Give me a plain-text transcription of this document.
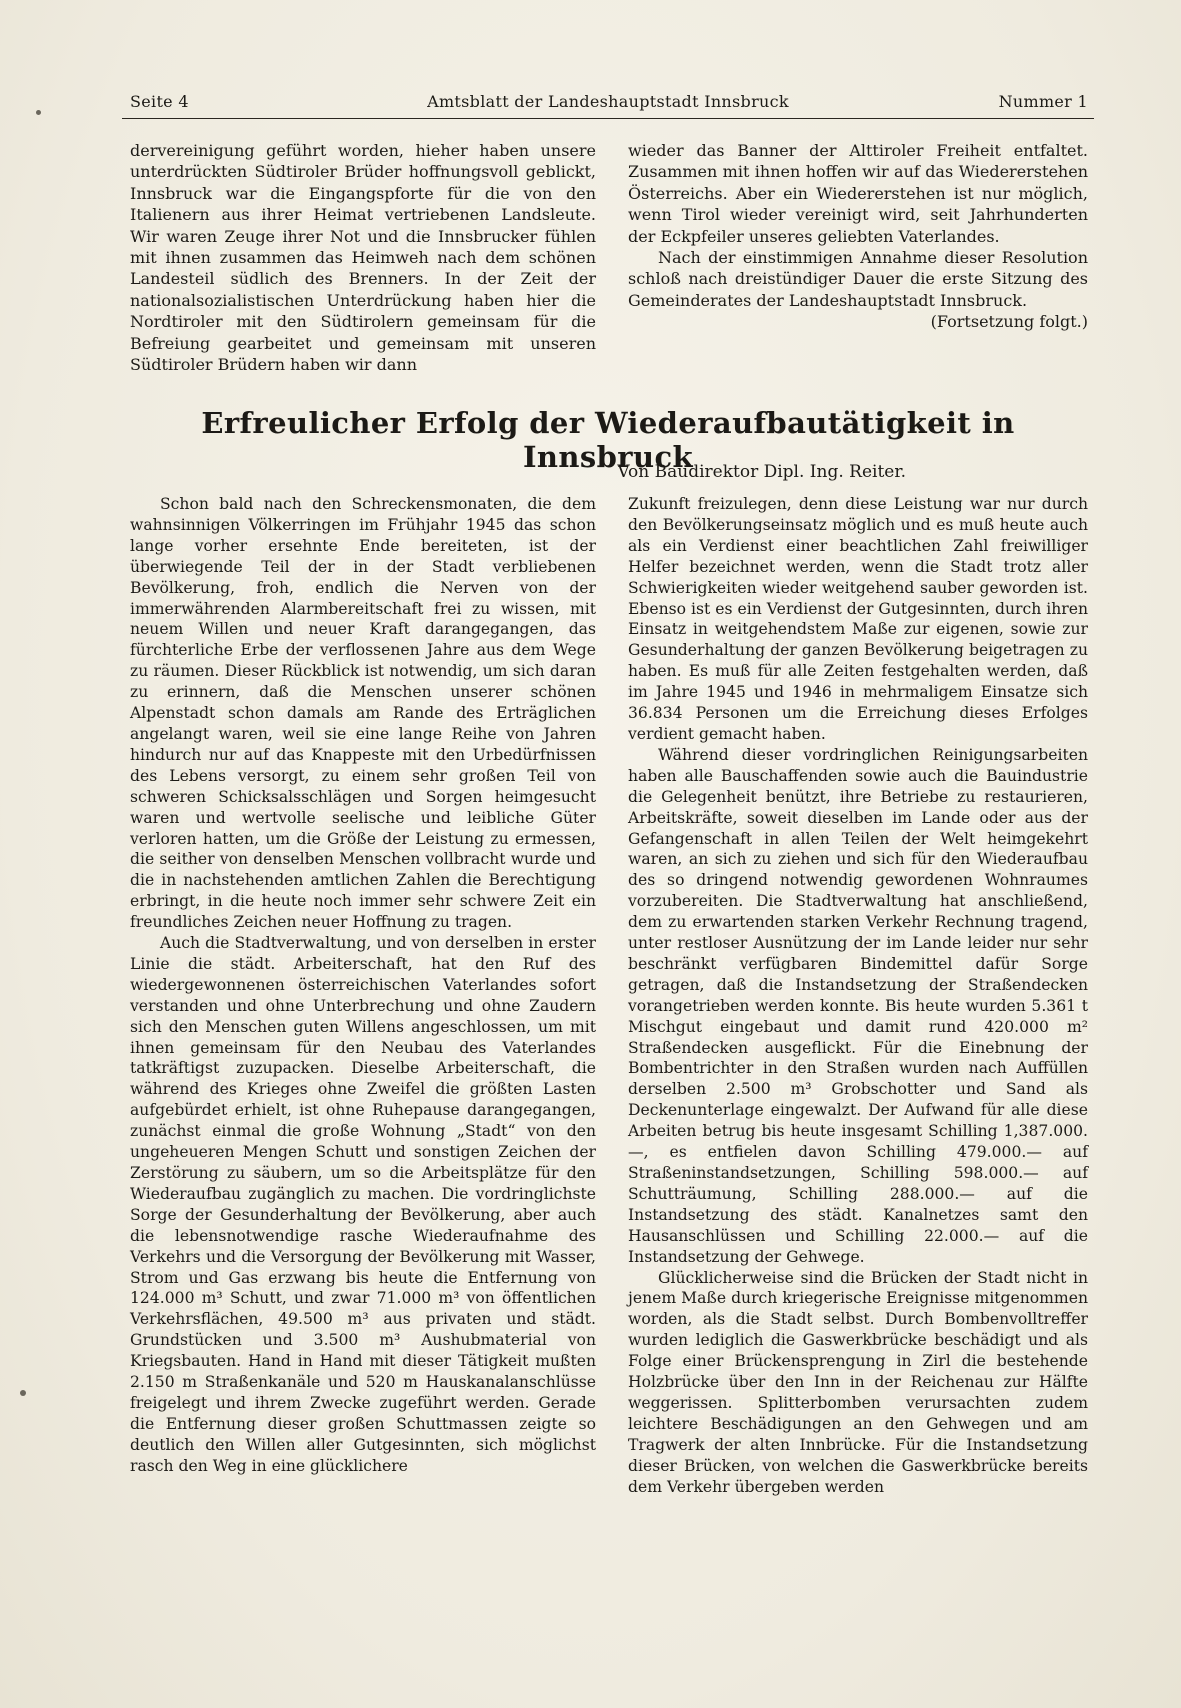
Seite 4	Amtsblatt der Landeshauptstadt Innsbruck	Nummer 1

dervereinigung geführt worden, hieher haben unsere unterdrückten Südtiroler Brüder hoffnungsvoll geblickt, Innsbruck war die Eingangspforte für die von den Italienern aus ihrer Heimat vertriebenen Landsleute. Wir waren Zeuge ihrer Not und die Innsbrucker fühlen mit ihnen zusammen das Heimweh nach dem schönen Landesteil südlich des Brenners. In der Zeit der nationalsozialistischen Unterdrückung haben hier die Nordtiroler mit den Südtirolern gemeinsam für die Befreiung gearbeitet und gemeinsam mit unseren Südtiroler Brüdern haben wir dann

wieder das Banner der Alttiroler Freiheit entfaltet. Zusammen mit ihnen hoffen wir auf das Wiedererstehen Österreichs. Aber ein Wiedererstehen ist nur möglich, wenn Tirol wieder vereinigt wird, seit Jahrhunderten der Eckpfeiler unseres geliebten Vaterlandes.

Nach der einstimmigen Annahme dieser Resolution schloß nach dreistündiger Dauer die erste Sitzung des Gemeinderates der Landeshauptstadt Innsbruck.

(Fortsetzung folgt.)

Erfreulicher Erfolg der Wiederaufbautätigkeit in Innsbruck
Von Baudirektor Dipl. Ing. Reiter.

Schon bald nach den Schreckensmonaten, die dem wahnsinnigen Völkerringen im Frühjahr 1945 das schon lange vorher ersehnte Ende bereiteten, ist der überwiegende Teil der in der Stadt verbliebenen Bevölkerung, froh, endlich die Nerven von der immerwährenden Alarmbereitschaft frei zu wissen, mit neuem Willen und neuer Kraft darangegangen, das fürchterliche Erbe der verflossenen Jahre aus dem Wege zu räumen. Dieser Rückblick ist notwendig, um sich daran zu erinnern, daß die Menschen unserer schönen Alpenstadt schon damals am Rande des Erträglichen angelangt waren, weil sie eine lange Reihe von Jahren hindurch nur auf das Knappeste mit den Urbedürfnissen des Lebens versorgt, zu einem sehr großen Teil von schweren Schicksalsschlägen und Sorgen heimgesucht waren und wertvolle seelische und leibliche Güter verloren hatten, um die Größe der Leistung zu ermessen, die seither von denselben Menschen vollbracht wurde und die in nachstehenden amtlichen Zahlen die Berechtigung erbringt, in die heute noch immer sehr schwere Zeit ein freundliches Zeichen neuer Hoffnung zu tragen.

Auch die Stadtverwaltung, und von derselben in erster Linie die städt. Arbeiterschaft, hat den Ruf des wiedergewonnenen österreichischen Vaterlandes sofort verstanden und ohne Unterbrechung und ohne Zaudern sich den Menschen guten Willens angeschlossen, um mit ihnen gemeinsam für den Neubau des Vaterlandes tatkräftigst zuzupacken. Dieselbe Arbeiterschaft, die während des Krieges ohne Zweifel die größten Lasten aufgebürdet erhielt, ist ohne Ruhepause darangegangen, zunächst einmal die große Wohnung „Stadt“ von den ungeheueren Mengen Schutt und sonstigen Zeichen der Zerstörung zu säubern, um so die Arbeitsplätze für den Wiederaufbau zugänglich zu machen. Die vordringlichste Sorge der Gesunderhaltung der Bevölkerung, aber auch die lebensnotwendige rasche Wiederaufnahme des Verkehrs und die Versorgung der Bevölkerung mit Wasser, Strom und Gas erzwang bis heute die Entfernung von 124.000 m³ Schutt, und zwar 71.000 m³ von öffentlichen Verkehrsflächen, 49.500 m³ aus privaten und städt. Grundstücken und 3.500 m³ Aushubmaterial von Kriegsbauten. Hand in Hand mit dieser Tätigkeit mußten 2.150 m Straßenkanäle und 520 m Hauskanalanschlüsse freigelegt und ihrem Zwecke zugeführt werden. Gerade die Entfernung dieser großen Schuttmassen zeigte so deutlich den Willen aller Gutgesinnten, sich möglichst rasch den Weg in eine glücklichere

Zukunft freizulegen, denn diese Leistung war nur durch den Bevölkerungseinsatz möglich und es muß heute auch als ein Verdienst einer beachtlichen Zahl freiwilliger Helfer bezeichnet werden, wenn die Stadt trotz aller Schwierigkeiten wieder weitgehend sauber geworden ist. Ebenso ist es ein Verdienst der Gutgesinnten, durch ihren Einsatz in weitgehendstem Maße zur eigenen, sowie zur Gesunderhaltung der ganzen Bevölkerung beigetragen zu haben. Es muß für alle Zeiten festgehalten werden, daß im Jahre 1945 und 1946 in mehrmaligem Einsatze sich 36.834 Personen um die Erreichung dieses Erfolges verdient gemacht haben.

Während dieser vordringlichen Reinigungsarbeiten haben alle Bauschaffenden sowie auch die Bauindustrie die Gelegenheit benützt, ihre Betriebe zu restaurieren, Arbeitskräfte, soweit dieselben im Lande oder aus der Gefangenschaft in allen Teilen der Welt heimgekehrt waren, an sich zu ziehen und sich für den Wiederaufbau des so dringend notwendig gewordenen Wohnraumes vorzubereiten. Die Stadtverwaltung hat anschließend, dem zu erwartenden starken Verkehr Rechnung tragend, unter restloser Ausnützung der im Lande leider nur sehr beschränkt verfügbaren Bindemittel dafür Sorge getragen, daß die Instandsetzung der Straßendecken vorangetrieben werden konnte. Bis heute wurden 5.361 t Mischgut eingebaut und damit rund 420.000 m² Straßendecken ausgeflickt. Für die Einebnung der Bombentrichter in den Straßen wurden nach Auffüllen derselben 2.500 m³ Grobschotter und Sand als Deckenunterlage eingewalzt. Der Aufwand für alle diese Arbeiten betrug bis heute insgesamt Schilling 1,387.000.—, es entfielen davon Schilling 479.000.— auf Straßeninstandsetzungen, Schilling 598.000.— auf Schutträumung, Schilling 288.000.— auf die Instandsetzung des städt. Kanalnetzes samt den Hausanschlüssen und Schilling 22.000.— auf die Instandsetzung der Gehwege.

Glücklicherweise sind die Brücken der Stadt nicht in jenem Maße durch kriegerische Ereignisse mitgenommen worden, als die Stadt selbst. Durch Bombenvolltreffer wurden lediglich die Gaswerkbrücke beschädigt und als Folge einer Brückensprengung in Zirl die bestehende Holzbrücke über den Inn in der Reichenau zur Hälfte weggerissen. Splitterbomben verursachten zudem leichtere Beschädigungen an den Gehwegen und am Tragwerk der alten Innbrücke. Für die Instandsetzung dieser Brücken, von welchen die Gaswerkbrücke bereits dem Verkehr übergeben werden
